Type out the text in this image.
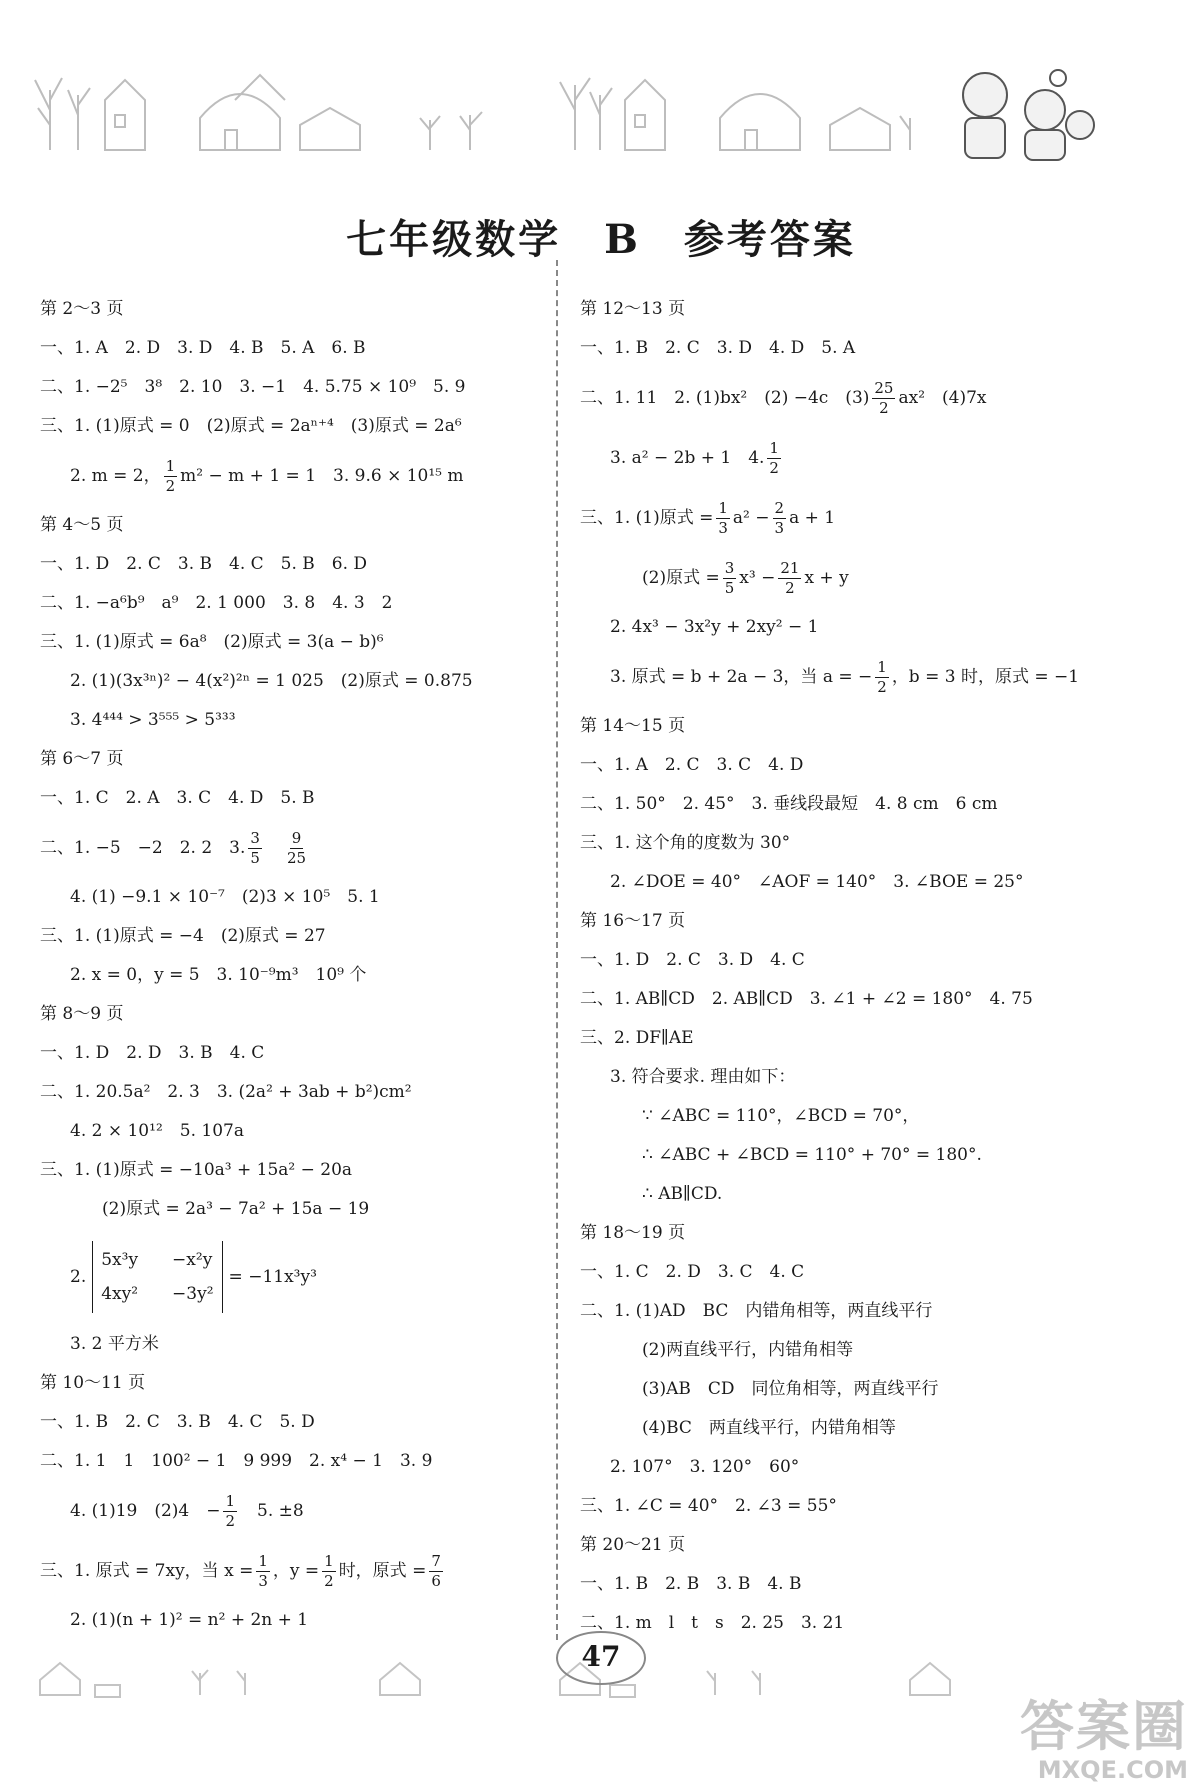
七年级数学　B　参考答案
第 2～3 页
一、1. A　2. D　3. D　4. B　5. A　6. B
二、1. −2⁵　3⁸　2. 10　3. −1　4. 5.75 × 10⁹　5. 9
三、1. (1)原式 = 0　(2)原式 = 2aⁿ⁺⁴　(3)原式 = 2a⁶
2. m = 2， $\frac{1}{2} m^2 - m + 1 = 1$　3. 9.6 × 10¹⁵ m
第 4～5 页
一、1. D　2. C　3. B　4. C　5. B　6. D
二、1. −a⁶b⁹　a⁹　2. 1 000　3. 8　4. 3　2
三、1. (1)原式 = 6a⁸　(2)原式 = 3(a − b)⁶
2. (1)(3x³ⁿ)² − 4(x²)²ⁿ = 1 025　(2)原式 = 0.875
3. 4⁴⁴⁴ > 3⁵⁵⁵ > 5³³³
第 6～7 页
一、1. C　2. A　3. C　4. D　5. B
二、1. −5　−2　2. 2　3. $\frac{3}{5}$
　 $\frac{9}{25}$
4. (1) −9.1 × 10⁻⁷　(2)3 × 10⁵　5. 1
三、1. (1)原式 = −4　(2)原式 = 27
2. x = 0，y = 5　3. 10⁻⁹m³　10⁹ 个
第 8～9 页
一、1. D　2. D　3. B　4. C
二、1. 20.5a²　2. 3　3. (2a² + 3ab + b²)cm²
4. 2 × 10¹²　5. 107a
三、1. (1)原式 = −10a³ + 15a² − 20a
(2)原式 = 2a³ − 7a² + 15a − 19
2.
5x³y　　−x²y
4xy²　　−3y²
= −11x³y³
3. 2 平方米
第 10～11 页
一、1. B　2. C　3. B　4. C　5. D
二、1. 1　1　100² − 1　9 999　2. x⁴ − 1　3. 9
4. (1)19　(2)4　− $\frac{1}{2}$ 　5. ±8
三、1. 原式 = 7xy，当 $x = \frac{1}{3}$ ，$y = \frac{1}{2}$ 时，原式 = $\frac{7}{6}$
2. (1)(n + 1)² = n² + 2n + 1
第 12～13 页
一、1. B　2. C　3. D　4. D　5. A
二、1. 11　2. (1)bx²　(2) −4c　$(3) \frac{25}{2} ax^2$　(4)7x
3. a² − 2b + 1　4. $\frac{1}{2}$
三、1. (1)原式 = $\frac{1}{3} a^2 - \frac{2}{3}$ a + 1
(2)原式 = $\frac{3}{5} x^3 - \frac{21}{2}$ x + y
2. 4x³ − 3x²y + 2xy² − 1
3. 原式 = b + 2a − 3，当 a = − $\frac{1}{2}$ ，b = 3 时，原式 = −1
第 14～15 页
一、1. A　2. C　3. C　4. D
二、1. 50°　2. 45°　3. 垂线段最短　4. 8 cm　6 cm
三、1. 这个角的度数为 30°
2. ∠DOE = 40°　∠AOF = 140°　3. ∠BOE = 25°
第 16～17 页
一、1. D　2. C　3. D　4. C
二、1. AB∥CD　2. AB∥CD　3. ∠1 + ∠2 = 180°　4. 75
三、2. DF∥AE
3. 符合要求. 理由如下：
∵ ∠ABC = 110°，∠BCD = 70°，
∴ ∠ABC + ∠BCD = 110° + 70° = 180°.
∴ AB∥CD.
第 18～19 页
一、1. C　2. D　3. C　4. C
二、1. (1)AD　BC　内错角相等，两直线平行
(2)两直线平行，内错角相等
(3)AB　CD　同位角相等，两直线平行
(4)BC　两直线平行，内错角相等
2. 107°　3. 120°　60°
三、1. ∠C = 40°　2. ∠3 = 55°
第 20～21 页
一、1. B　2. B　3. B　4. B
二、1. m　l　t　s　2. 25　3. 21
47
答案圈
MXQE.COM
